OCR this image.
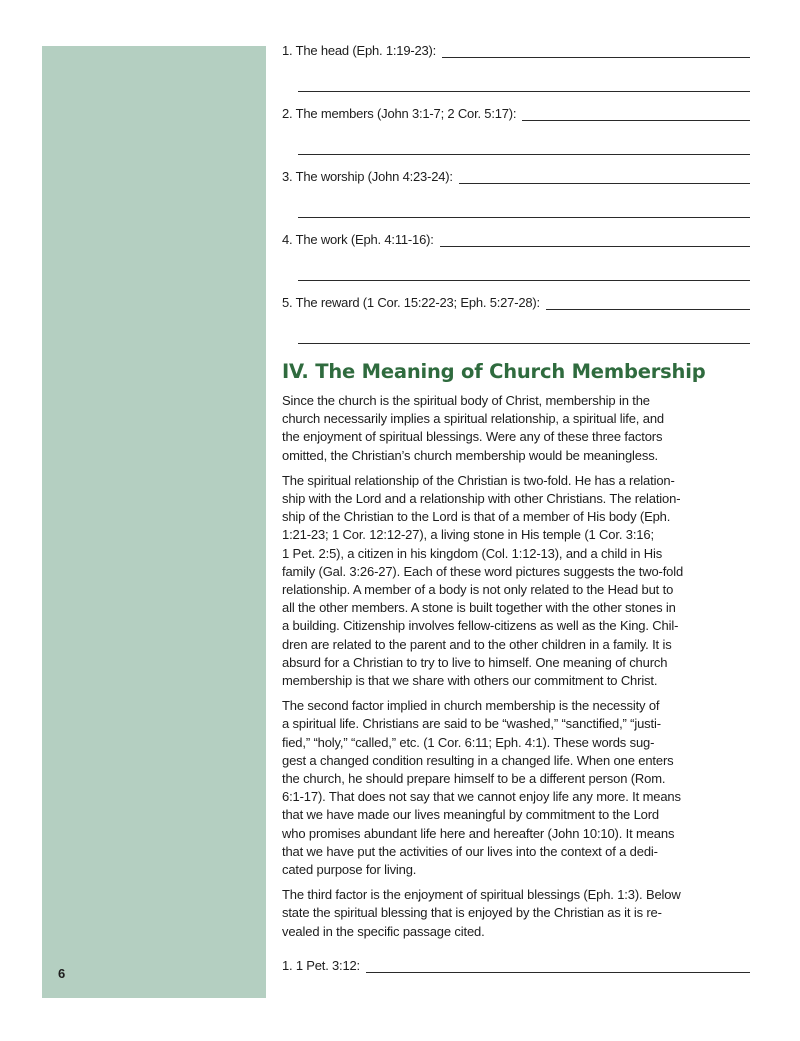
6
1. The head (Eph. 1:19-23):
2. The members (John 3:1-7; 2 Cor. 5:17):
3. The worship (John 4:23-24):
4. The work (Eph. 4:11-16):
5. The reward (1 Cor. 15:22-23; Eph. 5:27-28):
IV. The Meaning of Church Membership
Since the church is the spiritual body of Christ, membership in the
church necessarily implies a spiritual relationship, a spiritual life, and
the enjoyment of spiritual blessings. Were any of these three factors
omitted, the Christian’s church membership would be meaningless.
The spiritual relationship of the Christian is two-fold. He has a relation-
ship with the Lord and a relationship with other Christians. The relation-
ship of the Christian to the Lord is that of a member of His body (Eph.
1:21-23; 1 Cor. 12:12-27), a living stone in His temple (1 Cor. 3:16;
1 Pet. 2:5), a citizen in his kingdom (Col. 1:12-13), and a child in His
family (Gal. 3:26-27). Each of these word pictures suggests the two-fold
relationship. A member of a body is not only related to the Head but to
all the other members. A stone is built together with the other stones in
a building. Citizenship involves fellow-citizens as well as the King. Chil-
dren are related to the parent and to the other children in a family. It is
absurd for a Christian to try to live to himself. One meaning of church
membership is that we share with others our commitment to Christ.
The second factor implied in church membership is the necessity of
a spiritual life. Christians are said to be “washed,” “sanctified,” “justi-
fied,” “holy,” “called,” etc. (1 Cor. 6:11; Eph. 4:1). These words sug-
gest a changed condition resulting in a changed life. When one enters
the church, he should prepare himself to be a different person (Rom.
6:1-17). That does not say that we cannot enjoy life any more. It means
that we have made our lives meaningful by commitment to the Lord
who promises abundant life here and hereafter (John 10:10). It means
that we have put the activities of our lives into the context of a dedi-
cated purpose for living.
The third factor is the enjoyment of spiritual blessings (Eph. 1:3). Below
state the spiritual blessing that is enjoyed by the Christian as it is re-
vealed in the specific passage cited.
1. 1 Pet. 3:12:
